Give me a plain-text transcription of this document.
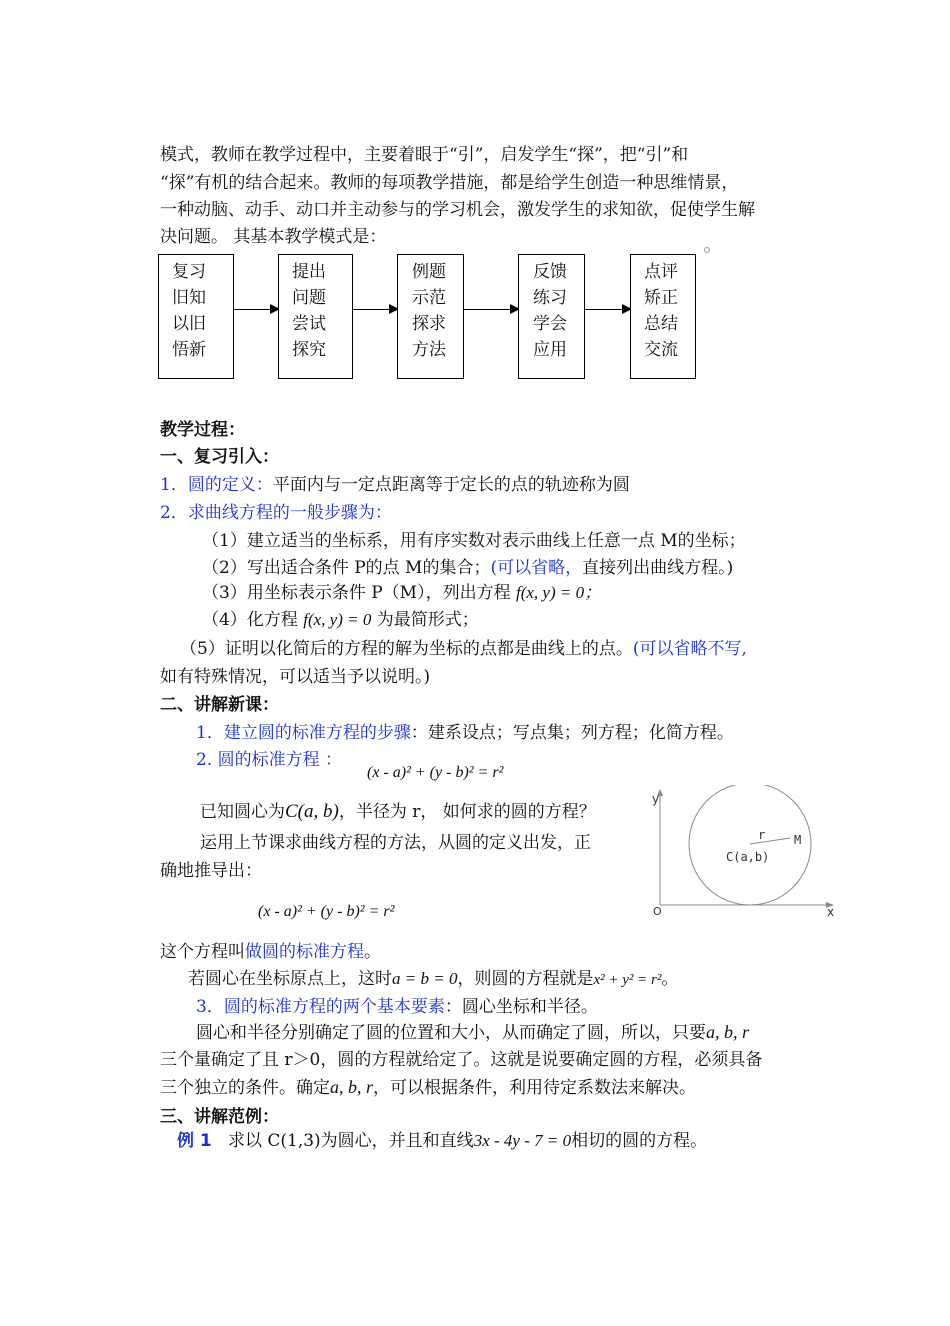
模式，教师在教学过程中，主要着眼于“引”，启发学生“探”，把“引”和
“探”有机的结合起来。教师的每项教学措施，都是给学生创造一种思维情景，
一种动脑、动手、动口并主动参与的学习机会，激发学生的求知欲，促使学生解
决问题。 其基本教学模式是：
复习
旧知
以旧
悟新
提出
问题
尝试
探究
例题
示范
探求
方法
反馈
练习
学会
应用
点评
矫正
总结
交流
教学过程：
一、复习引入：
1．圆的定义：平面内与一定点距离等于定长的点的轨迹称为圆
2．求曲线方程的一般步骤为：
（1）建立适当的坐标系，用有序实数对表示曲线上任意一点 M的坐标；
（2）写出适合条件 P的点 M的集合；(可以省略，直接列出曲线方程。)
（3）用坐标表示条件 P（M），列出方程 f(x, y) = 0；
（4）化方程 f(x, y) = 0 为最简形式；
（5）证明以化简后的方程的解为坐标的点都是曲线上的点。(可以省略不写,
如有特殊情况，可以适当予以说明。)
二、讲解新课：
1．建立圆的标准方程的步骤：建系设点；写点集；列方程；化简方程。
2. 圆的标准方程 ：
(x - a)² + (y - b)² = r²
已知圆心为C(a, b)，半径为 r， 如何求的圆的方程？
运用上节课求曲线方程的方法，从圆的定义出发，正
确地推导出：
(x - a)² + (y - b)² = r²
y
x
O
r M
C(a,b)
这个方程叫做圆的标准方程。
若圆心在坐标原点上，这时a = b = 0，则圆的方程就是x² + y² = r²。
3．圆的标准方程的两个基本要素：圆心坐标和半径。
圆心和半径分别确定了圆的位置和大小，从而确定了圆，所以，只要a, b, r
三个量确定了且 r＞0，圆的方程就给定了。这就是说要确定圆的方程，必须具备
三个独立的条件。确定a, b, r，可以根据条件，利用待定系数法来解决。
三、讲解范例：
例 1 求以 C(1,3)为圆心，并且和直线3x - 4y - 7 = 0相切的圆的方程。
